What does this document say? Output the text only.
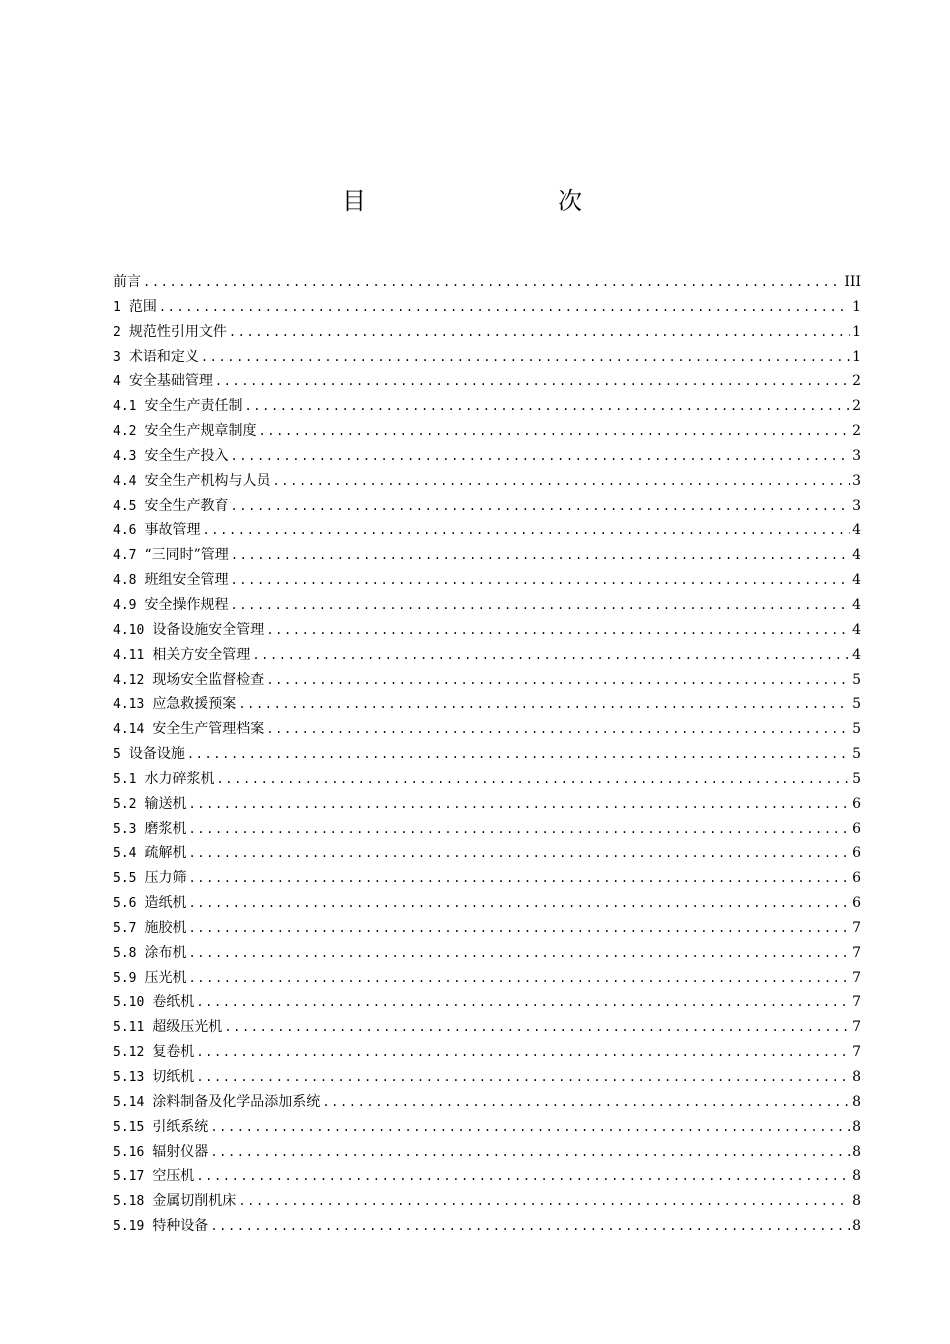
目　　次
前言 .....	III
1 范围 .....	1
2 规范性引用文件 .....	1
3 术语和定义 .....	1
4 安全基础管理 .....	2
4.1 安全生产责任制 .....	2
4.2 安全生产规章制度 .....	2
4.3 安全生产投入 .....	3
4.4 安全生产机构与人员 .....	3
4.5 安全生产教育 .....	3
4.6 事故管理 .....	4
4.7 “三同时”管理 .....	4
4.8 班组安全管理 .....	4
4.9 安全操作规程 .....	4
4.10 设备设施安全管理 .....	4
4.11 相关方安全管理 .....	4
4.12 现场安全监督检查 .....	5
4.13 应急救援预案 .....	5
4.14 安全生产管理档案 .....	5
5 设备设施 .....	5
5.1 水力碎浆机 .....	5
5.2 输送机 .....	6
5.3 磨浆机 .....	6
5.4 疏解机 .....	6
5.5 压力筛 .....	6
5.6 造纸机 .....	6
5.7 施胶机 .....	7
5.8 涂布机 .....	7
5.9 压光机 .....	7
5.10 卷纸机 .....	7
5.11 超级压光机 .....	7
5.12 复卷机 .....	7
5.13 切纸机 .....	8
5.14 涂料制备及化学品添加系统 .....	8
5.15 引纸系统 .....	8
5.16 辐射仪器 .....	8
5.17 空压机 .....	8
5.18 金属切削机床 .....	8
5.19 特种设备 .....	8
